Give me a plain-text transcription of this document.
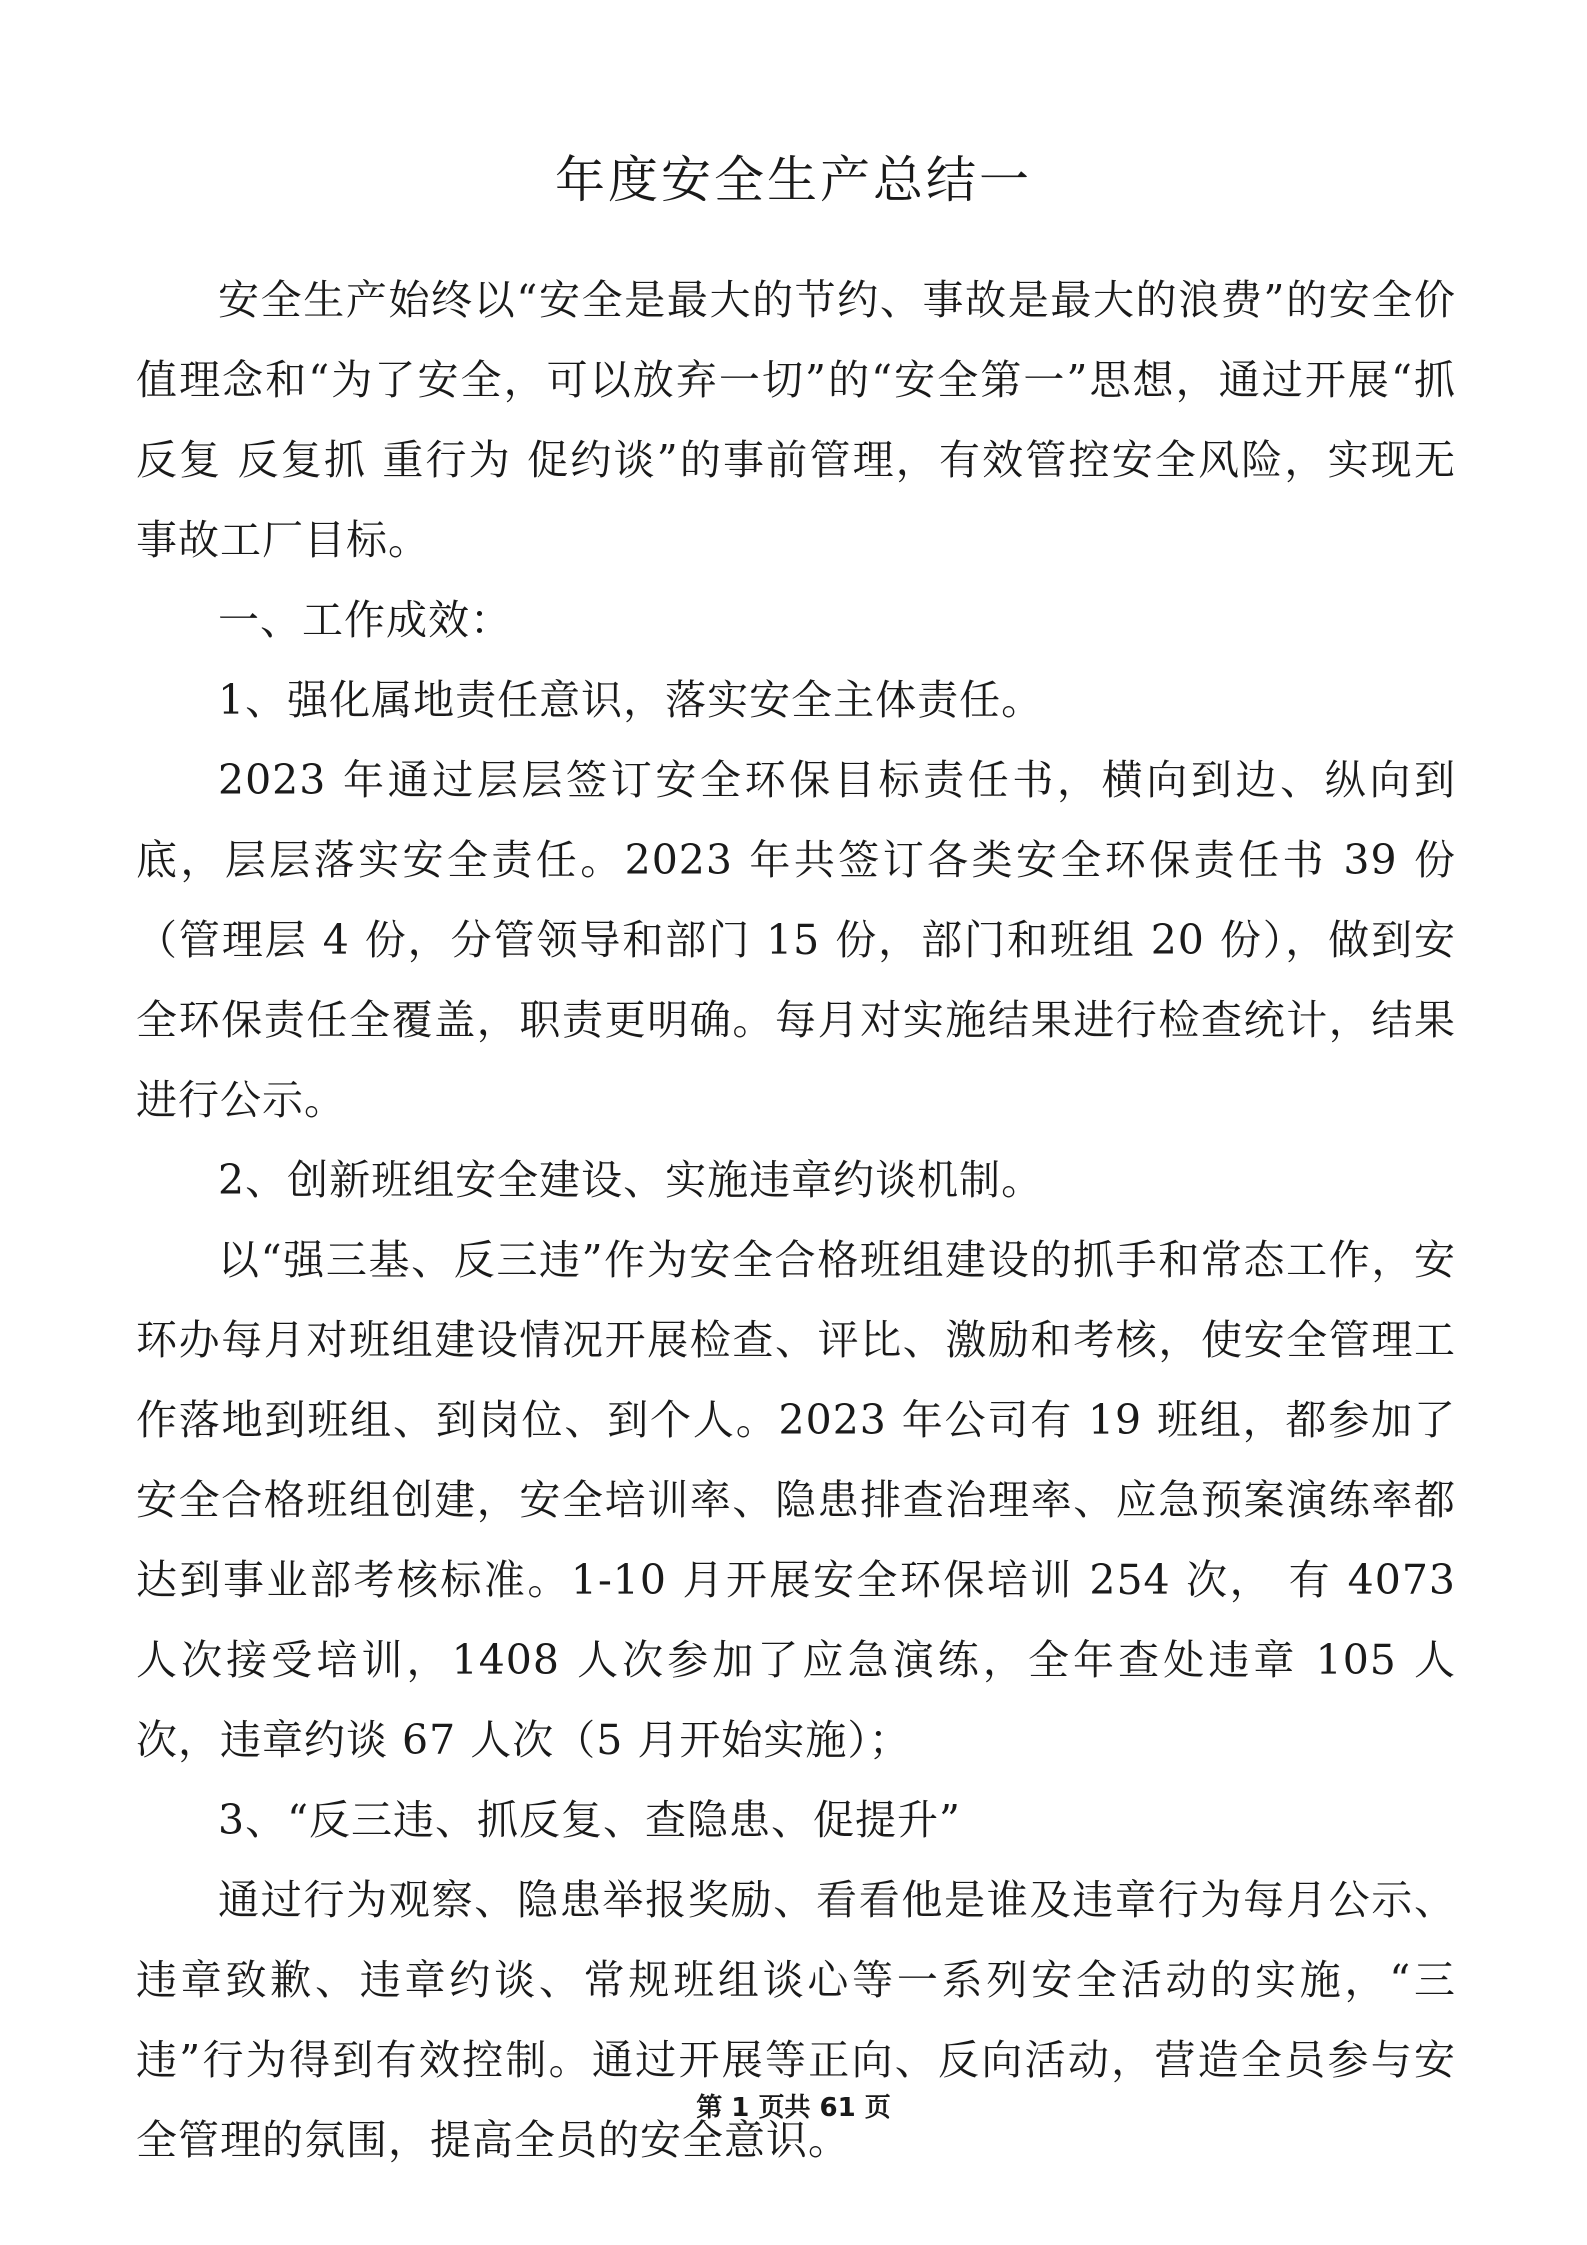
年度安全生产总结一

安全生产始终以“安全是最大的节约、事故是最大的浪费”的安全价值理念和“为了安全，可以放弃一切”的“安全第一”思想，通过开展“抓反复 反复抓 重行为 促约谈”的事前管理，有效管控安全风险，实现无事故工厂目标。

一、工作成效：

1、强化属地责任意识，落实安全主体责任。

2023 年通过层层签订安全环保目标责任书，横向到边、纵向到底，层层落实安全责任。2023 年共签订各类安全环保责任书 39 份（管理层 4 份，分管领导和部门 15 份，部门和班组 20 份），做到安全环保责任全覆盖，职责更明确。每月对实施结果进行检查统计，结果进行公示。

2、创新班组安全建设、实施违章约谈机制。

以“强三基、反三违”作为安全合格班组建设的抓手和常态工作，安环办每月对班组建设情况开展检查、评比、激励和考核，使安全管理工作落地到班组、到岗位、到个人。2023 年公司有 19 班组，都参加了安全合格班组创建，安全培训率、隐患排查治理率、应急预案演练率都达到事业部考核标准。1-10 月开展安全环保培训 254 次， 有 4073 人次接受培训，1408 人次参加了应急演练，全年查处违章 105 人次，违章约谈 67 人次（5 月开始实施）；

3、“反三违、抓反复、查隐患、促提升”

通过行为观察、隐患举报奖励、看看他是谁及违章行为每月公示、违章致歉、违章约谈、常规班组谈心等一系列安全活动的实施，“三违”行为得到有效控制。通过开展等正向、反向活动，营造全员参与安全管理的氛围，提高全员的安全意识。

第 1 页共 61 页
